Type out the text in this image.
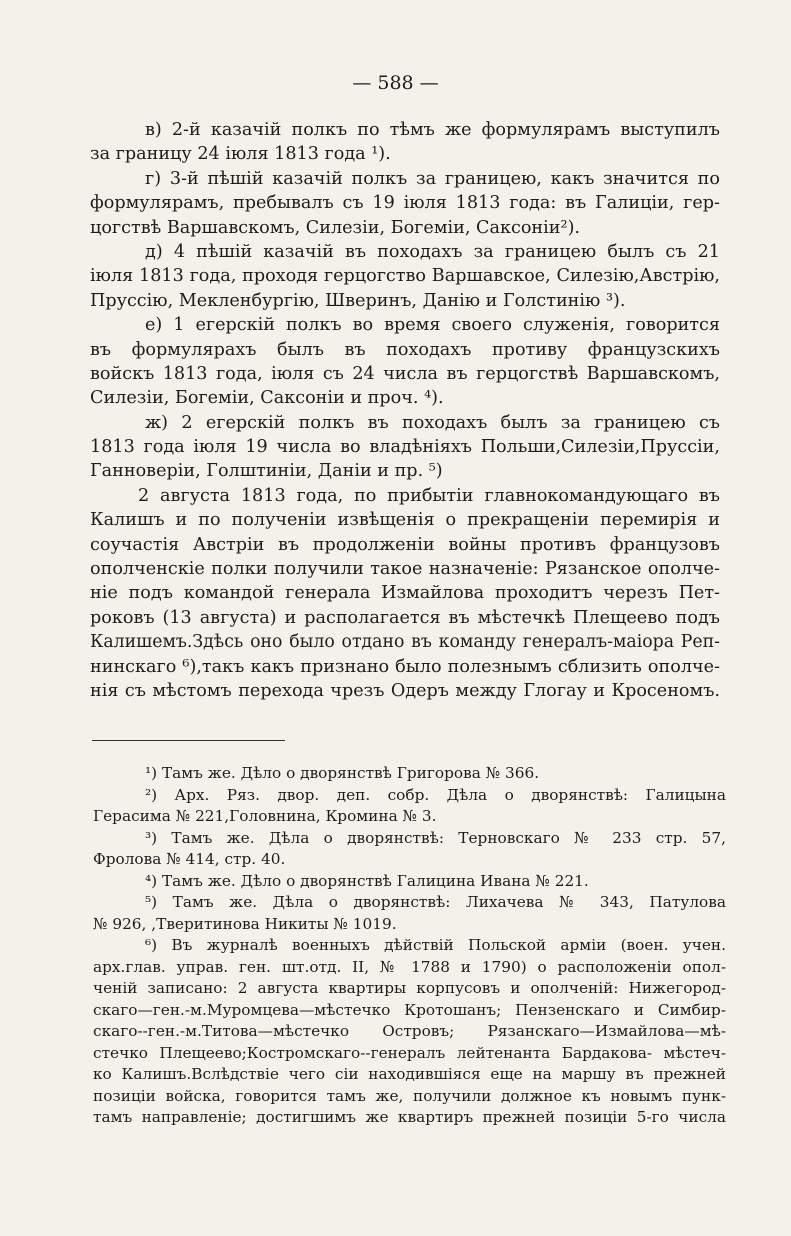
— 588 —
в) 2-й казачій полкъ по тѣмъ же формулярамъ выступилъ
за границу 24 іюля 1813 года ¹).
г) 3-й пѣшій казачій полкъ за границею, какъ значится по
формулярамъ, пребывалъ съ 19 іюля 1813 года: въ Галиціи, гер-
цогствѣ Варшавскомъ, Силезіи, Богеміи, Саксоніи²).
д) 4 пѣшій казачій въ походахъ за границею былъ съ 21
іюля 1813 года, проходя герцогство Варшавское, Силезію,Австрію,
Пруссію, Мекленбургію, Шверинъ, Данію и Голстинію ³).
е) 1 егерскій полкъ во время своего служенія, говорится
въ формулярахъ былъ въ походахъ противу французскихъ
войскъ 1813 года, іюля съ 24 числа въ герцогствѣ Варшавскомъ,
Силезіи, Богеміи, Саксоніи и проч. ⁴).
ж) 2 егерскій полкъ въ походахъ былъ за границею съ
1813 года іюля 19 числа во владѣніяхъ Польши,Силезіи,Пруссіи,
Ганноверіи, Голштиніи, Даніи и пр. ⁵)
2 августа 1813 года, по прибытіи главнокомандующаго въ
Калишъ и по полученіи извѣщенія о прекращеніи перемирія и
соучастія Австріи въ продолженіи войны противъ французовъ
ополченскіе полки получили такое назначеніе: Рязанское ополче-
ніе подъ командой генерала Измайлова проходитъ черезъ Пет-
роковъ (13 августа) и располагается въ мѣстечкѣ Плещеево подъ
Калишемъ.Здѣсь оно было отдано въ команду генералъ-маіора Реп-
нинскаго ⁶),такъ какъ признано было полезнымъ сблизить ополче-
нія съ мѣстомъ перехода чрезъ Одеръ между Глогау и Кросеномъ.
¹) Тамъ же. Дѣло о дворянствѣ Григорова № 366.
²) Арх. Ряз. двор. деп. собр. Дѣла о дворянствѣ: Галицына
Герасима № 221,Головнина, Кромина № 3.
³) Тамъ же. Дѣла о дворянствѣ: Терновскаго № 233 стр. 57,
Фролова № 414, стр. 40.
⁴) Тамъ же. Дѣло о дворянствѣ Галицина Ивана № 221.
⁵) Тамъ же. Дѣла о дворянствѣ: Лихачева № 343, Патулова
№ 926, ,Тверитинова Никиты № 1019.
⁶) Въ журналѣ военныхъ дѣйствій Польской арміи (воен. учен.
арх.глав. управ. ген. шт.отд. II, № 1788 и 1790) о расположеніи опол-
ченій записано: 2 августа квартиры корпусовъ и ополченій: Нижегород-
скаго—ген.-м.Муромцева—мѣстечко Кротошанъ; Пензенскаго и Симбир-
скаго--ген.-м.Титова—мѣстечко Островъ; Рязанскаго—Измайлова—мѣ-
стечко Плещеево;Костромскаго--генералъ лейтенанта Бардакова- мѣстеч-
ко Калишъ.Вслѣдствіе чего сіи находившіяся еще на маршу въ прежней
позиціи войска, говорится тамъ же, получили должное къ новымъ пунк-
тамъ направленіе; достигшимъ же квартиръ прежней позиціи 5-го числа
